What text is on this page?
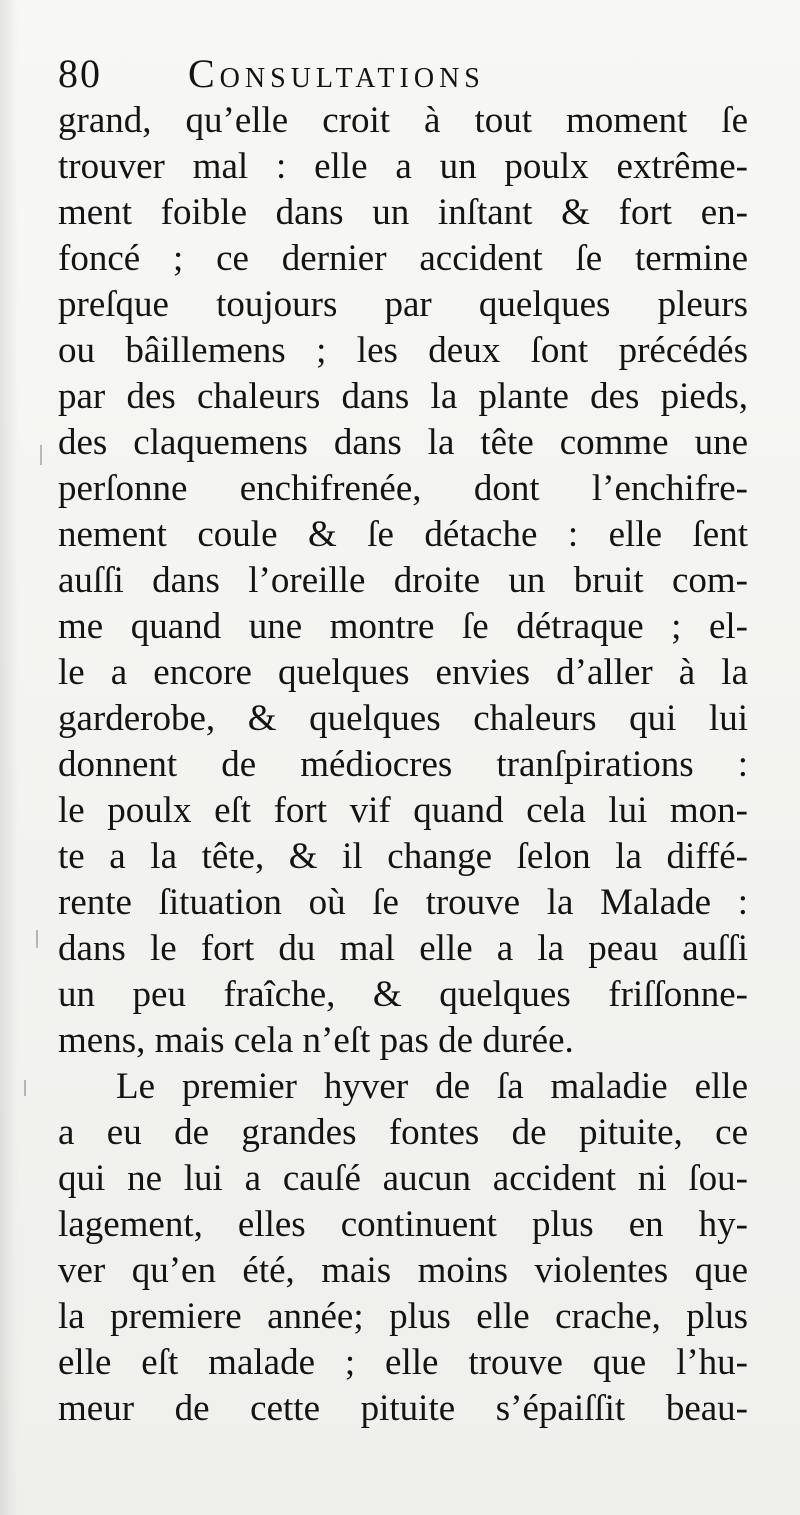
80 Consultations
grand, qu’elle croit à tout moment ſe
trouver mal : elle a un poulx extrême-
ment foible dans un inſtant & fort en-
foncé ; ce dernier accident ſe termine
preſque toujours par quelques pleurs
ou bâillemens ; les deux ſont précédés
par des chaleurs dans la plante des pieds,
des claquemens dans la tête comme une
perſonne enchifrenée, dont l’enchifre-
nement coule & ſe détache : elle ſent
auſſi dans l’oreille droite un bruit com-
me quand une montre ſe détraque ; el-
le a encore quelques envies d’aller à la
garderobe, & quelques chaleurs qui lui
donnent de médiocres tranſpirations :
le poulx eſt fort vif quand cela lui mon-
te a la tête, & il change ſelon la diffé-
rente ſituation où ſe trouve la Malade :
dans le fort du mal elle a la peau auſſi
un peu fraîche, & quelques friſſonne-
mens, mais cela n’eſt pas de durée.
Le premier hyver de ſa maladie elle
a eu de grandes fontes de pituite, ce
qui ne lui a cauſé aucun accident ni ſou-
lagement, elles continuent plus en hy-
ver qu’en été, mais moins violentes que
la premiere année; plus elle crache, plus
elle eſt malade ; elle trouve que l’hu-
meur de cette pituite s’épaiſſit beau-
